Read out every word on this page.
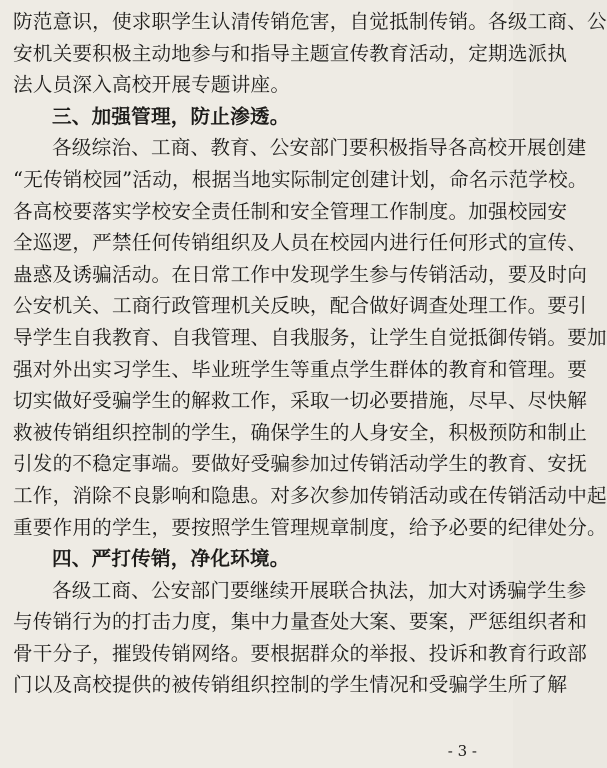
防范意识，使求职学生认清传销危害，自觉抵制传销。各级工商、公
安机关要积极主动地参与和指导主题宣传教育活动，定期选派执
法人员深入高校开展专题讲座。
三、加强管理，防止渗透。
各级综治、工商、教育、公安部门要积极指导各高校开展创建
“无传销校园”活动，根据当地实际制定创建计划，命名示范学校。
各高校要落实学校安全责任制和安全管理工作制度。加强校园安
全巡逻，严禁任何传销组织及人员在校园内进行任何形式的宣传、
蛊惑及诱骗活动。在日常工作中发现学生参与传销活动，要及时向
公安机关、工商行政管理机关反映，配合做好调查处理工作。要引
导学生自我教育、自我管理、自我服务，让学生自觉抵御传销。要加
强对外出实习学生、毕业班学生等重点学生群体的教育和管理。要
切实做好受骗学生的解救工作，采取一切必要措施，尽早、尽快解
救被传销组织控制的学生，确保学生的人身安全，积极预防和制止
引发的不稳定事端。要做好受骗参加过传销活动学生的教育、安抚
工作，消除不良影响和隐患。对多次参加传销活动或在传销活动中起
重要作用的学生，要按照学生管理规章制度，给予必要的纪律处分。
四、严打传销，净化环境。
各级工商、公安部门要继续开展联合执法，加大对诱骗学生参
与传销行为的打击力度，集中力量查处大案、要案，严惩组织者和
骨干分子，摧毁传销网络。要根据群众的举报、投诉和教育行政部
门以及高校提供的被传销组织控制的学生情况和受骗学生所了解
- 3 -
